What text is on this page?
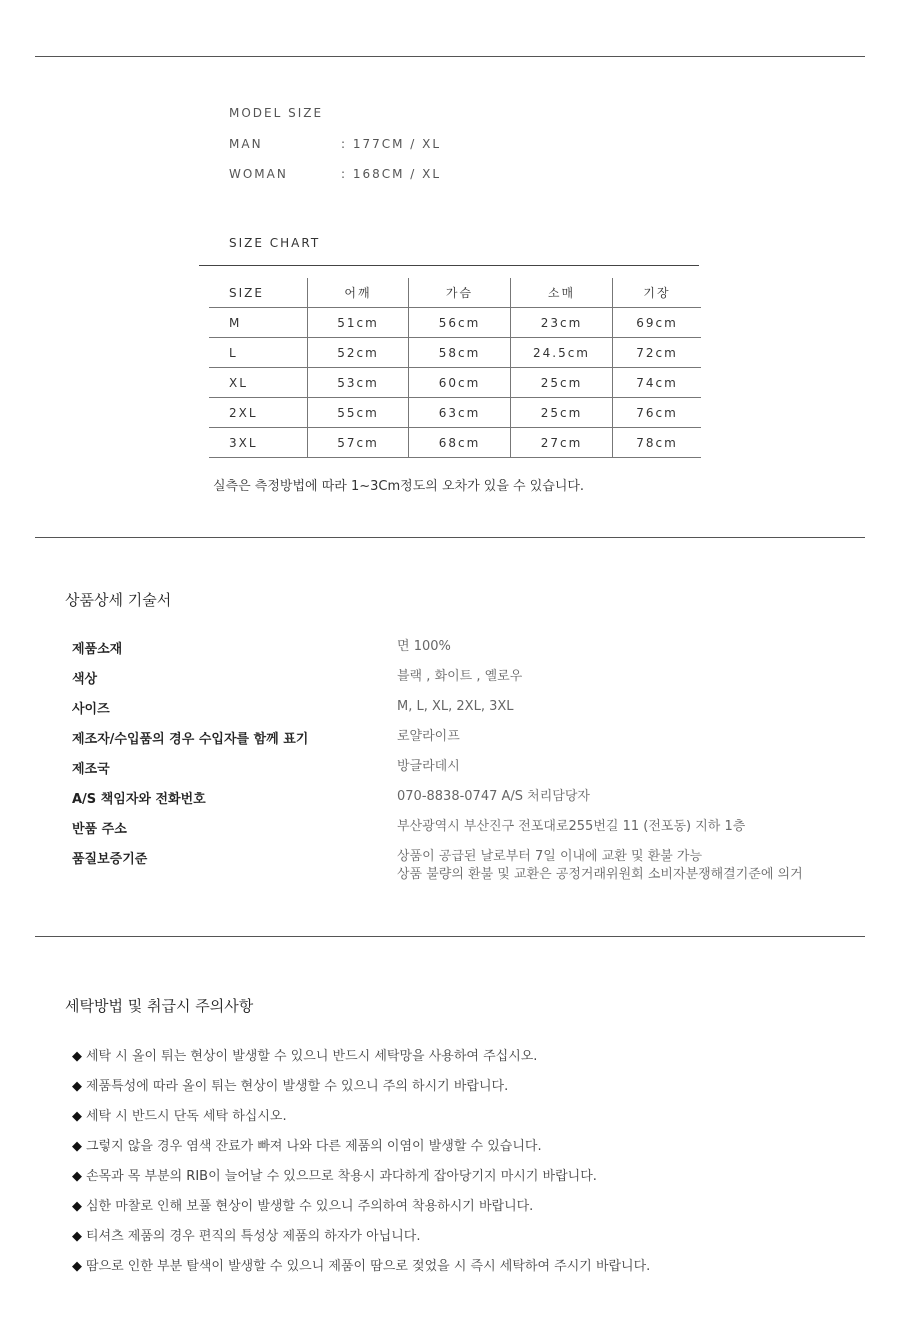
MODEL SIZE
MAN	: 177CM / XL
WOMAN	: 168CM / XL
SIZE CHART
SIZE	어깨	가슴	소매	기장
M	51cm	56cm	23cm	69cm
L	52cm	58cm	24.5cm	72cm
XL	53cm	60cm	25cm	74cm
2XL	55cm	63cm	25cm	76cm
3XL	57cm	68cm	27cm	78cm
실측은 측정방법에 따라 1~3Cm정도의 오차가 있을 수 있습니다.
상품상세 기술서
제품소재	면 100%
색상	블랙 , 화이트 , 옐로우
사이즈	M, L, XL, 2XL, 3XL
제조자/수입품의 경우 수입자를 함께 표기	로얄라이프
제조국	방글라데시
A/S 책임자와 전화번호	070-8838-0747 A/S 처리담당자
반품 주소	부산광역시 부산진구 전포대로255번길 11 (전포동) 지하 1층
품질보증기준	상품이 공급된 날로부터 7일 이내에 교환 및 환불 가능
상품 불량의 환불 및 교환은 공정거래위원회 소비자분쟁해결기준에 의거
세탁방법 및 취급시 주의사항
◆ 세탁 시 올이 튀는 현상이 발생할 수 있으니 반드시 세탁망을 사용하여 주십시오.
◆ 제품특성에 따라 올이 튀는 현상이 발생할 수 있으니 주의 하시기 바랍니다.
◆ 세탁 시 반드시 단독 세탁 하십시오.
◆ 그렇지 않을 경우 염색 잔료가 빠져 나와 다른 제품의 이염이 발생할 수 있습니다.
◆ 손목과 목 부분의 RIB이 늘어날 수 있으므로 착용시 과다하게 잡아당기지 마시기 바랍니다.
◆ 심한 마찰로 인해 보풀 현상이 발생할 수 있으니 주의하여 착용하시기 바랍니다.
◆ 티셔츠 제품의 경우 편직의 특성상 제품의 하자가 아닙니다.
◆ 땀으로 인한 부분 탈색이 발생할 수 있으니 제품이 땀으로 젖었을 시 즉시 세탁하여 주시기 바랍니다.
